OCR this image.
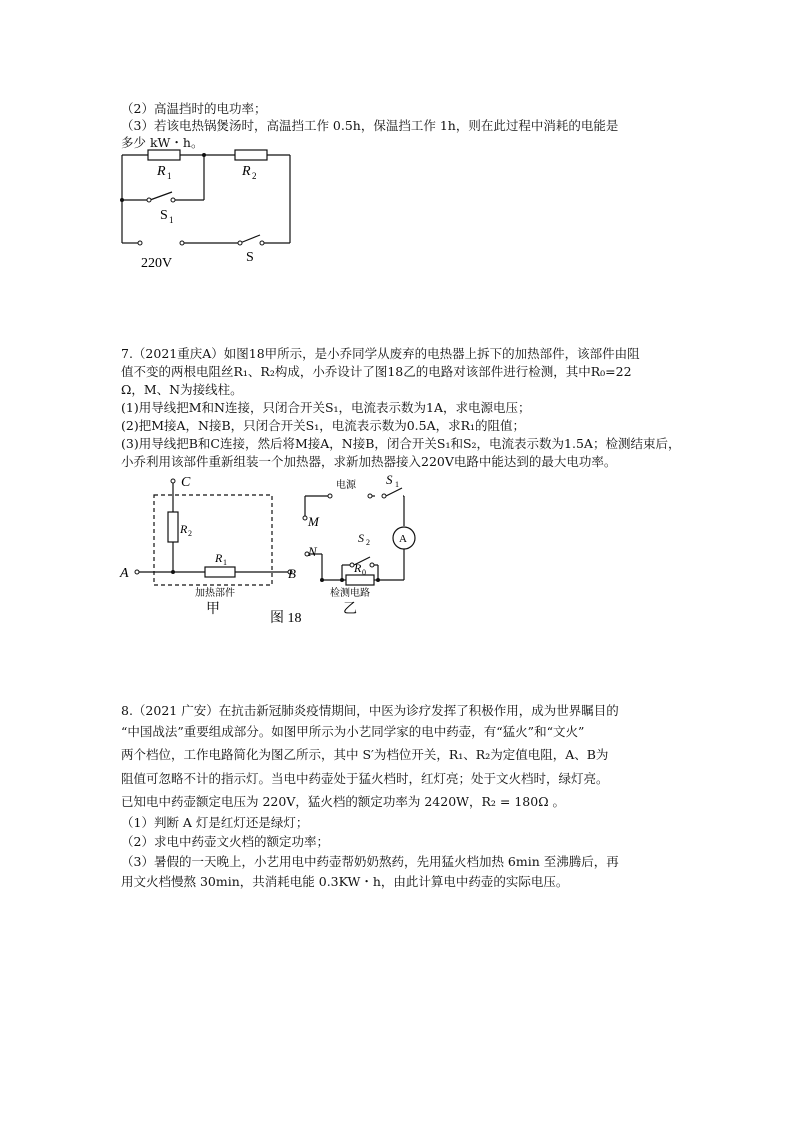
（2）高温挡时的电功率；
（3）若该电热锅煲汤时，高温挡工作 0.5h，保温挡工作 1h，则在此过程中消耗的电能是
多少 kW・h。
R 1	R 2
S 1
220V	S
7.（2021重庆A）如图18甲所示，是小乔同学从废弃的电热器上拆下的加热部件，该部件由阻
值不变的两根电阻丝R₁、R₂构成，小乔设计了图18乙的电路对该部件进行检测，其中R₀=22
Ω，M、N为接线柱。
(1)用导线把M和N连接，只闭合开关S₁，电流表示数为1A，求电源电压；
(2)把M接A，N接B，只闭合开关S₁，电流表示数为0.5A，求R₁的阻值；
(3)用导线把B和C连接，然后将M接A，N接B，闭合开关S₁和S₂，电流表示数为1.5A；检测结束后，
小乔利用该部件重新组装一个加热器，求新加热器接入220V电路中能达到的最大电功率。
C
R 2
R 1
A	B
加热部件
甲
图 18
A
电源 S 1
M
N
S 2
R 0
检测电路
乙
8.（2021 广安）在抗击新冠肺炎疫情期间，中医为诊疗发挥了积极作用，成为世界瞩目的
“中国战法”重要组成部分。如图甲所示为小艺同学家的电中药壶，有“猛火”和“文火”
两个档位，工作电路简化为图乙所示，其中 S′为档位开关，R₁、R₂为定值电阻，A、B为
阻值可忽略不计的指示灯。当电中药壶处于猛火档时，红灯亮；处于文火档时，绿灯亮。
已知电中药壶额定电压为 220V，猛火档的额定功率为 2420W，R₂ = 180Ω 。
（1）判断 A 灯是红灯还是绿灯；
（2）求电中药壶文火档的额定功率；
（3）暑假的一天晚上，小艺用电中药壶帮奶奶熬药，先用猛火档加热 6min 至沸腾后，再
用文火档慢熬 30min，共消耗电能 0.3KW・h，由此计算电中药壶的实际电压。
